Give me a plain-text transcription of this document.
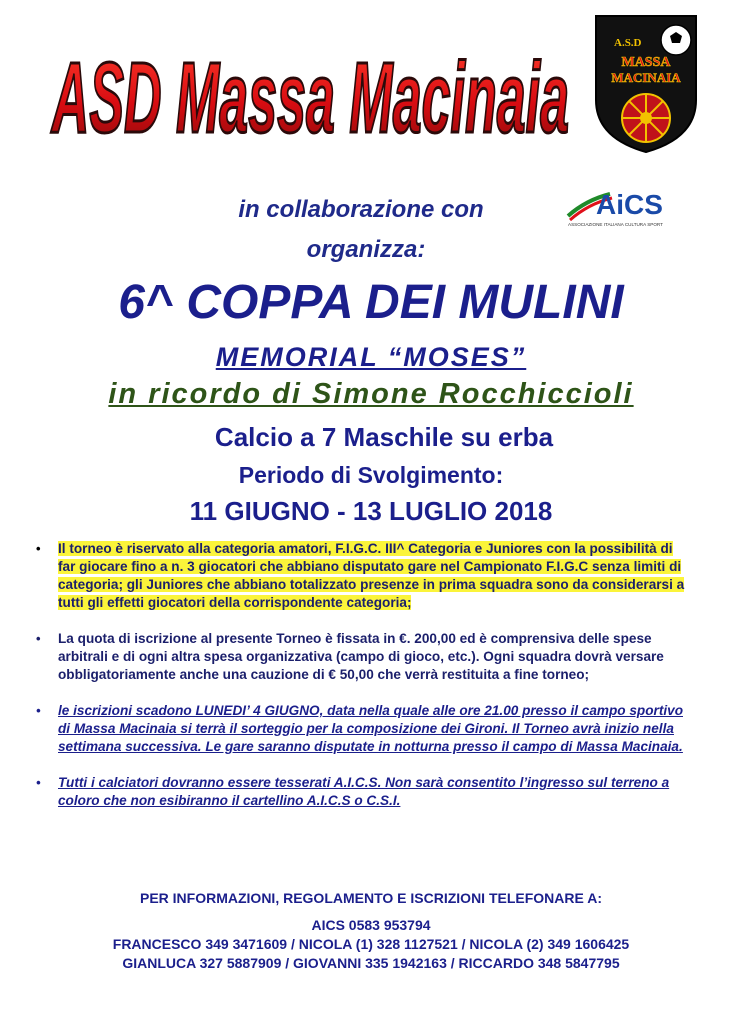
ASD Massa Macinaia	A.S.D
MASSA
MACINAIA
in collaborazione con
organizza:
AiCS
ASSOCIAZIONE ITALIANA CULTURA SPORT
6^ COPPA DEI MULINI
MEMORIAL “MOSES”
in ricordo di Simone Rocchiccioli
Calcio a 7 Maschile su erba
Periodo di Svolgimento:
11 GIUGNO - 13 LUGLIO 2018
• Il torneo è riservato alla categoria amatori, F.I.G.C. III^ Categoria e Juniores con la possibilità di far giocare fino a n. 3 giocatori che abbiano disputato gare nel Campionato F.I.G.C senza limiti di categoria; gli Juniores che abbiano totalizzato presenze in prima squadra sono da considerarsi a tutti gli effetti giocatori della corrispondente categoria;
• La quota di iscrizione al presente Torneo è fissata in €. 200,00 ed è comprensiva delle spese arbitrali e di ogni altra spesa organizzativa (campo di gioco, etc.). Ogni squadra dovrà versare obbligatoriamente anche una cauzione di € 50,00 che verrà restituita a fine torneo;
• le iscrizioni scadono LUNEDI’ 4 GIUGNO, data nella quale alle ore 21.00 presso il campo sportivo di Massa Macinaia si terrà il sorteggio per la composizione dei Gironi. Il Torneo avrà inizio nella settimana successiva. Le gare saranno disputate in notturna presso il campo di Massa Macinaia.
• Tutti i calciatori dovranno essere tesserati A.I.C.S. Non sarà consentito l’ingresso sul terreno a coloro che non esibiranno il cartellino A.I.C.S o C.S.I.
PER INFORMAZIONI, REGOLAMENTO E ISCRIZIONI TELEFONARE A:
AICS 0583 953794
FRANCESCO 349 3471609 / NICOLA (1) 328 1127521 / NICOLA (2) 349 1606425
GIANLUCA 327 5887909 / GIOVANNI 335 1942163 / RICCARDO 348 5847795
